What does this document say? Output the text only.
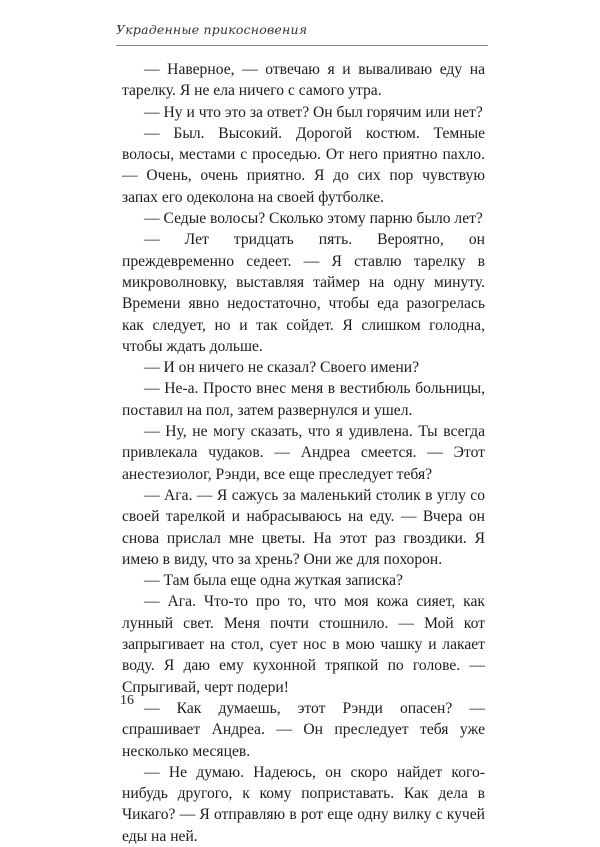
Украденные прикосновения

— Наверное, — отвечаю я и вываливаю еду на тарелку. Я не ела ничего с самого утра.

— Ну и что это за ответ? Он был горячим или нет?

— Был. Высокий. Дорогой костюм. Темные волосы, местами с проседью. От него приятно пахло. — Очень, очень приятно. Я до сих пор чувствую запах его одеколона на своей футболке.

— Седые волосы? Сколько этому парню было лет?

— Лет тридцать пять. Вероятно, он преждевременно седеет. — Я ставлю тарелку в микроволновку, выставляя таймер на одну минуту. Времени явно недостаточно, чтобы еда разогрелась как следует, но и так сойдет. Я слишком голодна, чтобы ждать дольше.

— И он ничего не сказал? Своего имени?

— Не-а. Просто внес меня в вестибюль больницы, поставил на пол, затем развернулся и ушел.

— Ну, не могу сказать, что я удивлена. Ты всегда привлекала чудаков. — Андреа смеется. — Этот анестезиолог, Рэнди, все еще преследует тебя?

— Ага. — Я сажусь за маленький столик в углу со своей тарелкой и набрасываюсь на еду. — Вчера он снова прислал мне цветы. На этот раз гвоздики. Я имею в виду, что за хрень? Они же для похорон.

— Там была еще одна жуткая записка?

— Ага. Что-то про то, что моя кожа сияет, как лунный свет. Меня почти стошнило. — Мой кот запрыгивает на стол, сует нос в мою чашку и лакает воду. Я даю ему кухонной тряпкой по голове. — Спрыгивай, черт подери!

— Как думаешь, этот Рэнди опасен? — спрашивает Андреа. — Он преследует тебя уже несколько месяцев.

— Не думаю. Надеюсь, он скоро найдет кого-нибудь другого, к кому поприставать. Как дела в Чикаго? — Я отправляю в рот еще одну вилку с кучей еды на ней.

16
